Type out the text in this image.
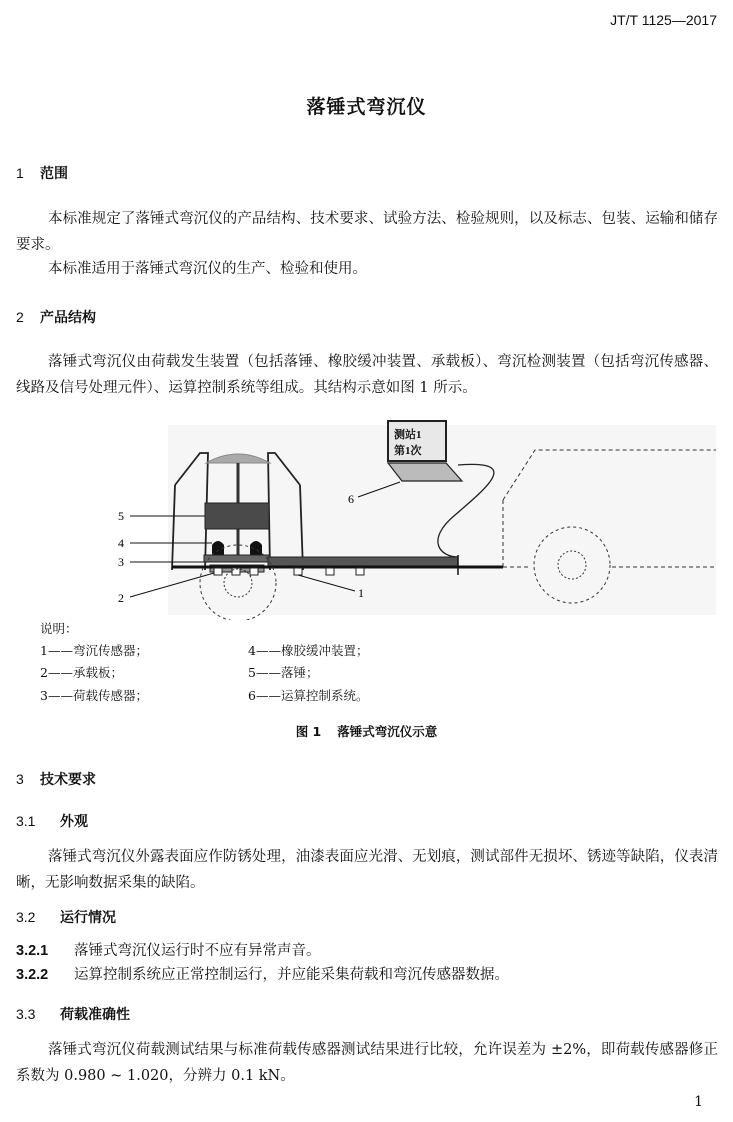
JT/T 1125—2017
落锤式弯沉仪
1 范围
本标准规定了落锤式弯沉仪的产品结构、技术要求、试验方法、检验规则，以及标志、包装、运输和储存要求。
本标准适用于落锤式弯沉仪的生产、检验和使用。
2 产品结构
落锤式弯沉仪由荷载发生装置（包括落锤、橡胶缓冲装置、承载板）、弯沉检测装置（包括弯沉传感器、线路及信号处理元件）、运算控制系统等组成。其结构示意如图 1 所示。
测站1
第1次
5
4
3
2	1
6
说明：
1——弯沉传感器；
2——承载板；
3——荷载传感器；
4——橡胶缓冲装置；
5——落锤；
6——运算控制系统。
图 1 落锤式弯沉仪示意
3 技术要求
3.1 外观
落锤式弯沉仪外露表面应作防锈处理，油漆表面应光滑、无划痕，测试部件无损坏、锈迹等缺陷，仪表清晰，无影响数据采集的缺陷。
3.2 运行情况
3.2.1 落锤式弯沉仪运行时不应有异常声音。
3.2.2 运算控制系统应正常控制运行，并应能采集荷载和弯沉传感器数据。
3.3 荷载准确性
落锤式弯沉仪荷载测试结果与标准荷载传感器测试结果进行比较，允许误差为 ±2%，即荷载传感器修正系数为 0.980 ~ 1.020，分辨力 0.1 kN。
1
